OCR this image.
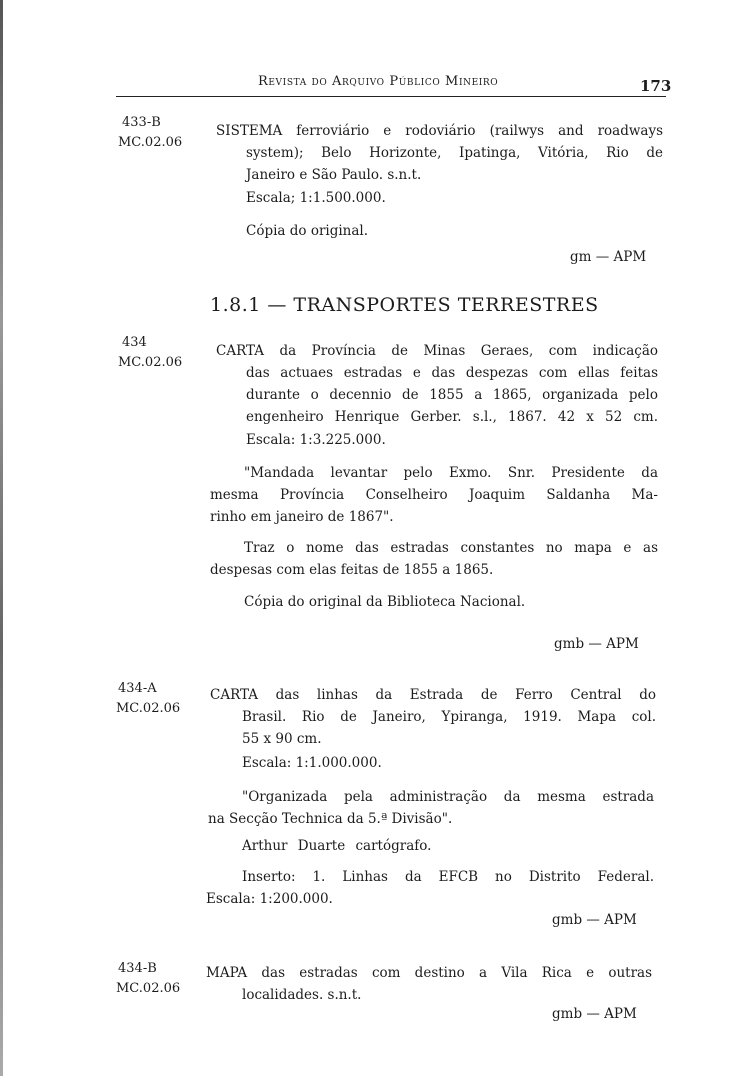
Revista do Arquivo Público Mineiro	173
433-B
MC.02.06
SISTEMA ferroviário e rodoviário (railwys and roadways
system); Belo Horizonte, Ipatinga, Vitória, Rio de
Janeiro e São Paulo. s.n.t.
Escala; 1:1.500.000.
Cópia do original.
gm — APM
1.8.1 — TRANSPORTES TERRESTRES
434
MC.02.06
CARTA da Província de Minas Geraes, com indicação
das actuaes estradas e das despezas com ellas feitas
durante o decennio de 1855 a 1865, organizada pelo
engenheiro Henrique Gerber. s.l., 1867. 42 x 52 cm.
Escala: 1:3.225.000.
"Mandada levantar pelo Exmo. Snr. Presidente da
mesma Província Conselheiro Joaquim Saldanha Ma-
rinho em janeiro de 1867".
Traz o nome das estradas constantes no mapa e as
despesas com elas feitas de 1855 a 1865.
Cópia do original da Biblioteca Nacional.
gmb — APM
434-A
MC.02.06
CARTA das linhas da Estrada de Ferro Central do
Brasil. Rio de Janeiro, Ypiranga, 1919. Mapa col.
55 x 90 cm.
Escala: 1:1.000.000.
"Organizada pela administração da mesma estrada
na Secção Technica da 5.ª Divisão".
Arthur Duarte cartógrafo.
Inserto: 1. Linhas da EFCB no Distrito Federal.
Escala: 1:200.000.
gmb — APM
434-B
MC.02.06
MAPA das estradas com destino a Vila Rica e outras
localidades. s.n.t.
gmb — APM
